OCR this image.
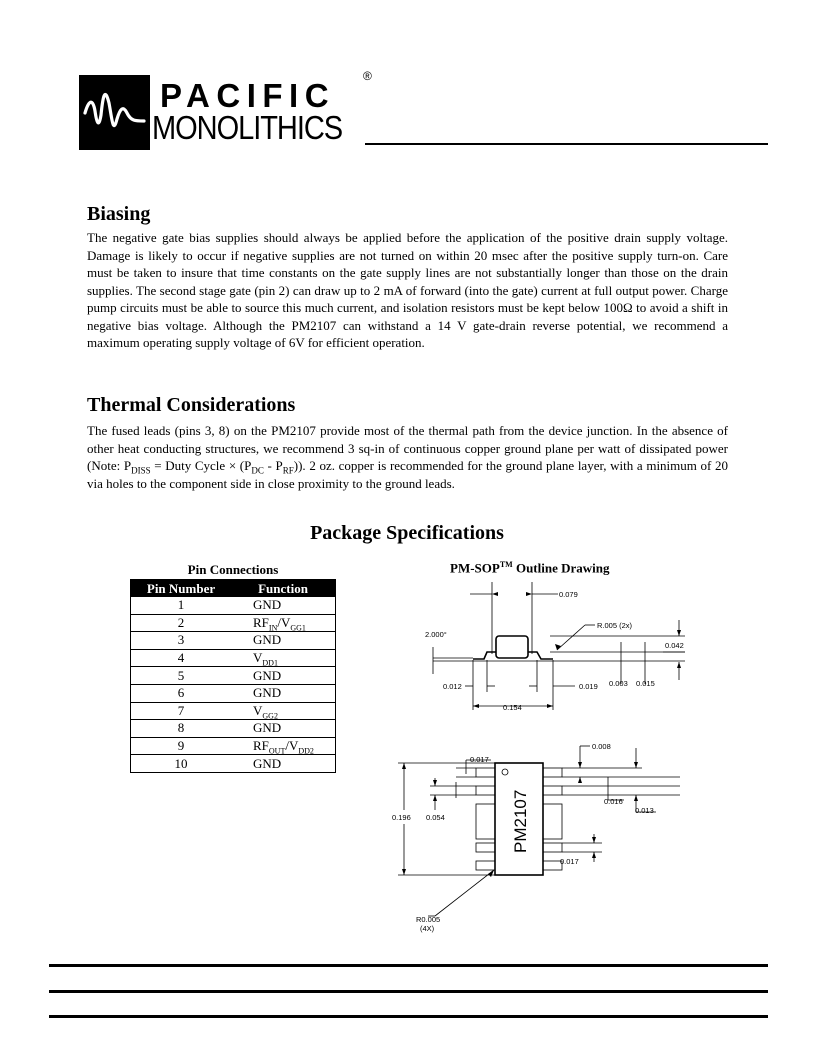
PACIFIC
MONOLITHICS
®
Biasing

The negative gate bias supplies should always be applied before the application of the positive drain supply voltage. Damage is likely to occur if negative supplies are not turned on within 20 msec after the positive supply turn-on. Care must be taken to insure that time constants on the gate supply lines are not substantially longer than those on the drain supplies. The second stage gate (pin 2) can draw up to 2 mA of forward (into the gate) current at full output power. Charge pump circuits must be able to source this much current, and isolation resistors must be kept below 100Ω to avoid a shift in negative bias voltage. Although the PM2107 can withstand a 14 V gate-drain reverse potential, we recommend a maximum operating supply voltage of 6V for efficient operation.

Thermal Considerations

The fused leads (pins 3, 8) on the PM2107 provide most of the thermal path from the device junction. In the absence of other heat conducting structures, we recommend 3 sq-in of continuous copper ground plane per watt of dissipated power (Note: $P_{DISS}$ = Duty Cycle × $(P_{DC} - P_{RF})$). 2 oz. copper is recommended for the ground plane layer, with a minimum of 20 via holes to the component side in close proximity to the ground leads.

Package Specifications
Pin Connections
Pin Number	Function
1	GND
2	$RF_{IN}/V_{GG1}$
3	GND
4	$V_{DD1}$
5	GND
6	GND
7	$V_{GG2}$
8	GND
9	$RF_{OUT}/V_{DD2}$
10	GND
PM-SOP™ Outline Drawing
0.079
R.005 (2x)
2.000°
0.042
0.012	0.019 0.003 0.015
0.154
0.017
0.008
0.196 0.054
0.016
0.013
0.017
R0.005
(4X)
PM2107
